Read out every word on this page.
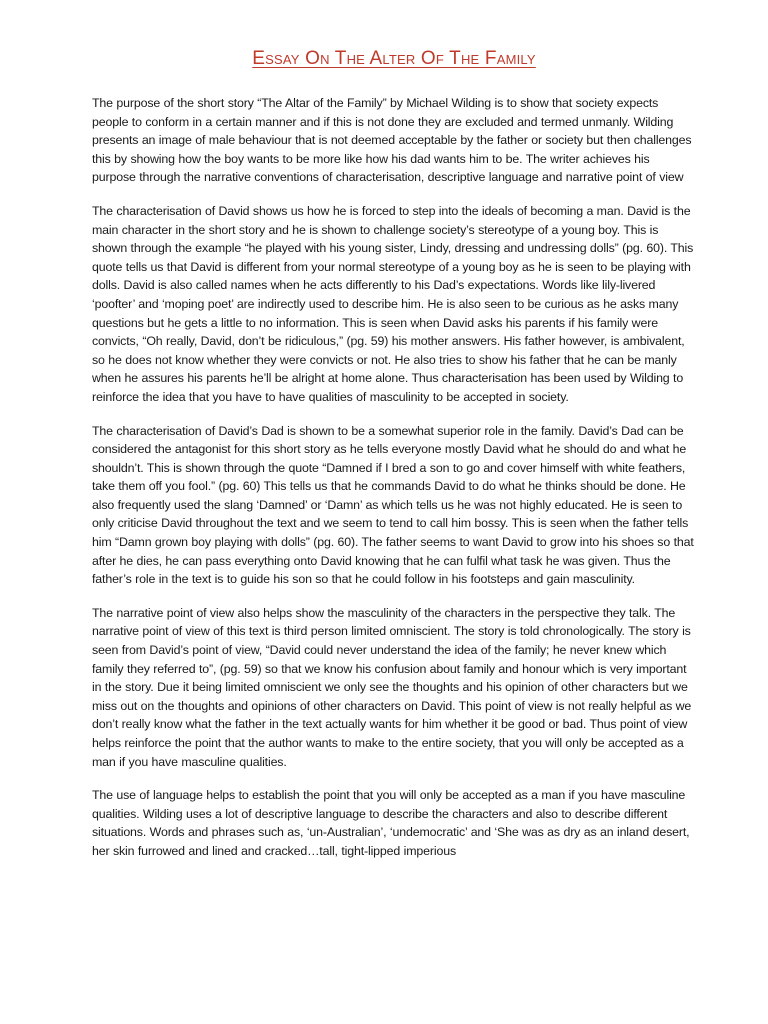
Essay On The Alter Of The Family

The purpose of the short story “The Altar of the Family” by Michael Wilding is to show that society expects people to conform in a certain manner and if this is not done they are excluded and termed unmanly. Wilding presents an image of male behaviour that is not deemed acceptable by the father or society but then challenges this by showing how the boy wants to be more like how his dad wants him to be. The writer achieves his purpose through the narrative conventions of characterisation, descriptive language and narrative point of view

The characterisation of David shows us how he is forced to step into the ideals of becoming a man. David is the main character in the short story and he is shown to challenge society’s stereotype of a young boy. This is shown through the example “he played with his young sister, Lindy, dressing and undressing dolls” (pg. 60). This quote tells us that David is different from your normal stereotype of a young boy as he is seen to be playing with dolls. David is also called names when he acts differently to his Dad’s expectations. Words like lily-livered ‘poofter’ and ‘moping poet’ are indirectly used to describe him. He is also seen to be curious as he asks many questions but he gets a little to no information. This is seen when David asks his parents if his family were convicts, “Oh really, David, don’t be ridiculous,” (pg. 59) his mother answers. His father however, is ambivalent, so he does not know whether they were convicts or not. He also tries to show his father that he can be manly when he assures his parents he’ll be alright at home alone. Thus characterisation has been used by Wilding to reinforce the idea that you have to have qualities of masculinity to be accepted in society.

The characterisation of David’s Dad is shown to be a somewhat superior role in the family. David’s Dad can be considered the antagonist for this short story as he tells everyone mostly David what he should do and what he shouldn’t. This is shown through the quote “Damned if I bred a son to go and cover himself with white feathers, take them off you fool.” (pg. 60) This tells us that he commands David to do what he thinks should be done. He also frequently used the slang ‘Damned’ or ‘Damn’ as which tells us he was not highly educated. He is seen to only criticise David throughout the text and we seem to tend to call him bossy. This is seen when the father tells him “Damn grown boy playing with dolls” (pg. 60). The father seems to want David to grow into his shoes so that after he dies, he can pass everything onto David knowing that he can fulfil what task he was given. Thus the father’s role in the text is to guide his son so that he could follow in his footsteps and gain masculinity.

The narrative point of view also helps show the masculinity of the characters in the perspective they talk. The narrative point of view of this text is third person limited omniscient. The story is told chronologically. The story is seen from David’s point of view, “David could never understand the idea of the family; he never knew which family they referred to”, (pg. 59) so that we know his confusion about family and honour which is very important in the story. Due it being limited omniscient we only see the thoughts and his opinion of other characters but we miss out on the thoughts and opinions of other characters on David. This point of view is not really helpful as we don’t really know what the father in the text actually wants for him whether it be good or bad. Thus point of view helps reinforce the point that the author wants to make to the entire society, that you will only be accepted as a man if you have masculine qualities.

The use of language helps to establish the point that you will only be accepted as a man if you have masculine qualities. Wilding uses a lot of descriptive language to describe the characters and also to describe different situations. Words and phrases such as, ‘un-Australian’, ‘undemocratic’ and ‘She was as dry as an inland desert, her skin furrowed and lined and cracked…tall, tight-lipped imperious
